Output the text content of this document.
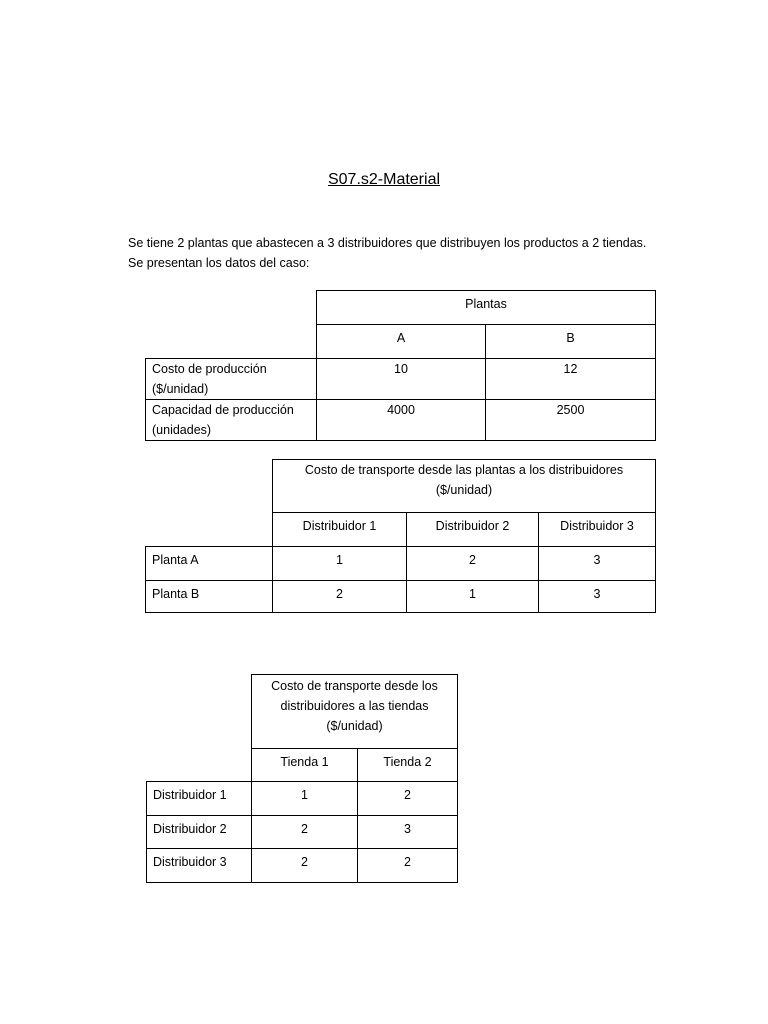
S07.s2-Material
Se tiene 2 plantas que abastecen a 3 distribuidores que distribuyen los productos a 2 tiendas.
Se presentan los datos del caso:
	Plantas	
	A	B

Costo de producción
($/unidad)	10	12

Capacidad de producción
(unidades)	4000	2500

	Costo de transporte desde las plantas a los distribuidores
($/unidad)		

	Distribuidor 1	Distribuidor 2	Distribuidor 3
Planta A	1	2	3
Planta B	2	1	3

	Costo de transporte desde los
distribuidores a las tiendas
($/unidad)	

	Tienda 1	Tienda 2
Distribuidor 1	1	2
Distribuidor 2	2	3
Distribuidor 3	2	2
